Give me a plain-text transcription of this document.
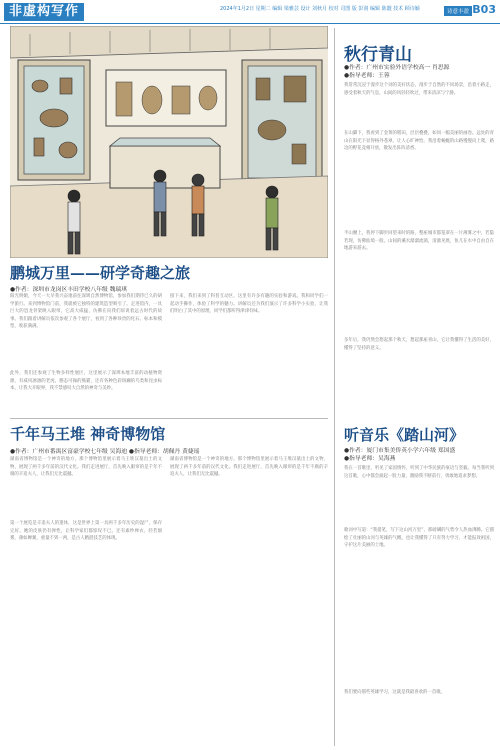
非虚构写作	2024年1月2日 星期二 编辑 梁雅芸 设计 刘秋月 校对 司图 版 彭润 编辑 陈靓 技术 顾诗颖	诗意丰盈 B03
鹏城万里——研学奇趣之旅
●作者：深圳市龙岗区丰田学校八年级 魏瑞琪
阳光明媚，今天一大早我兴奋地前往深圳自然博物馆，参加我们期待已久的研学旅行。来到博物馆门前，我就被它独特的建筑造型吸引了。走进馆内，一具巨大的恐龙骨架映入眼帘，它高大威猛，仿佛在向我们诉说着远古时代的故事。我们跟着讲解员依次参观了各个展厅，看到了各种珍贵的化石、标本和模型，收获满满。
此外，我们还参观了生物多样性展区，这里展示了深圳本地丰富的动植物资源，有威风凛凛的老虎、憨态可掬的熊猫，还有各种色彩斑斓的鸟类和昆虫标本，让我大开眼界，我不禁感叹大自然的神奇与美妙。
接下来，我们来到了科普互动区，这里有许多有趣的实验和游戏。我和同学们一起动手操作，体验了科学的魅力。讲解员还为我们演示了许多科学小实验，让我们明白了其中的原理，同学们都听得津津有味。
千年马王堆 神奇博物馆
●作者：广州市番禺区富豪学校七年级 吴海迪 ●指导老师：胡佩丹 黄婕瑶
湖南省博物馆是一个神奇的地方，那个博物馆里展示着马王堆汉墓出土的文物，展现了两千多年前的汉代文化。我们走进展厅，首先映入眼帘的是千年不腐的辛追夫人，让我们无比震撼。
第一个展览是辛追夫人的遗体，这是世界上第一具两千多年历史的湿尸，保存完好。她的皮肤仍有弹性，让科学家们都惊叹不已。还有素纱禅衣，轻若烟雾，薄如蝉翼，重量不到一两，是古人精湛技艺的体现。
湖南省博物馆是一个神奇的地方，那个博物馆里展示着马王堆汉墓出土的文物，展现了两千多年前的汉代文化。我们走进展厅，首先映入眼帘的是千年不腐的辛追夫人，让我们无比震撼。
秋行青山
●作者：广州市实验外语学校高一 肖思源
●指导老师：王蓉
我常常沉浸于漫步这个词的美好状态，漫步于自然的不同场景，沿着小路走，感受着秋天的气息，山间的风轻轻吹过，带来清凉与宁静。
在山脚下，我看到了金黄的稻田，层层叠叠，如同一幅美丽的画卷。远处的青山在阳光下显得格外苍翠，让人心旷神怡。我沿着蜿蜒的山路慢慢向上爬，路边的野花竞相开放，散发出阵阵清香。
半山腰上，我停下脚步回望来时的路，整座城市都笼罩在一片薄雾之中，若隐若现，仿佛仙境一般。山间的溪水潺潺流淌，清澈见底，鱼儿在水中自由自在地游来游去。
多年后，我仍然会想起那个秋天，想起那座青山，它让我懂得了生活的美好，懂得了坚持的意义。
听音乐《踏山河》
●作者：厦门市集美侨英小学六年级 郑国盛
●指导老师：吴海燕
我在一首歌里，听见了家国情怀，听到了中华民族的豪迈与坚毅。每当我听到这首歌，心中都会涌起一股力量，激励我不断前行，勇敢地追求梦想。
歌词中写道：“我提笔，写下这山河万里”，那磅礴的气势令人热血沸腾。它描绘了壮丽的山河与英雄的气概，也让我懂得了只有努力学习，才能报效祖国，守护这片美丽的土地。
我们要向那些英雄学习，这就是我最喜欢的一首歌。
